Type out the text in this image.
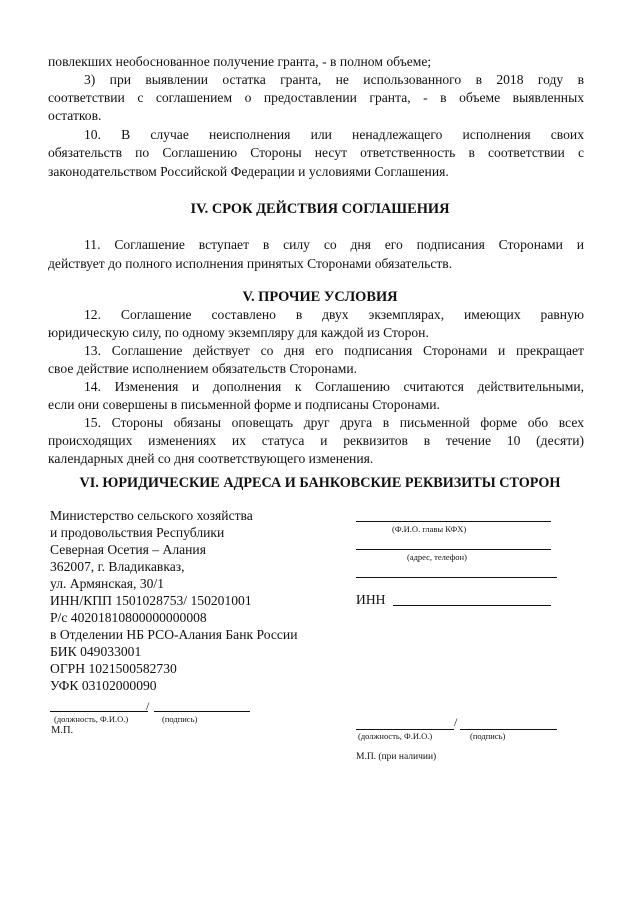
повлекших необоснованное получение гранта, - в полном объеме;
3) при выявлении остатка гранта, не использованного в 2018 году в
соответствии с соглашением о предоставлении гранта, - в объеме выявленных
остатков.
10. В случае неисполнения или ненадлежащего исполнения своих
обязательств по Соглашению Стороны несут ответственность в соответствии с
законодательством Российской Федерации и условиями Соглашения.
IV. СРОК ДЕЙСТВИЯ СОГЛАШЕНИЯ
11. Соглашение вступает в силу со дня его подписания Сторонами и
действует до полного исполнения принятых Сторонами обязательств.
V. ПРОЧИЕ УСЛОВИЯ
12. Соглашение составлено в двух экземплярах, имеющих равную
юридическую силу, по одному экземпляру для каждой из Сторон.
13. Соглашение действует со дня его подписания Сторонами и прекращает
свое действие исполнением обязательств Сторонами.
14. Изменения и дополнения к Соглашению считаются действительными,
если они совершены в письменной форме и подписаны Сторонами.
15. Стороны обязаны оповещать друг друга в письменной форме обо всех
происходящих изменениях их статуса и реквизитов в течение 10 (десяти)
календарных дней со дня соответствующего изменения.
VI. ЮРИДИЧЕСКИЕ АДРЕСА И БАНКОВСКИЕ РЕКВИЗИТЫ СТОРОН
Министерство сельского хозяйства
и продовольствия Республики
Северная Осетия – Алания
362007, г. Владикавказ,
ул. Армянская, 30/1
ИНН/КПП 1501028753/ 150201001
Р/с 40201810800000000008
в Отделении НБ РСО-Алания Банк России
БИК 049033001
ОГРН 1021500582730
УФК 03102000090
/
(должность, Ф.И.О.)	(подпись)
М.П.
(Ф.И.О. главы КФХ)
(адрес, телефон)
ИНН
/
(должность, Ф.И.О.)	(подпись)
М.П. (при наличии)
